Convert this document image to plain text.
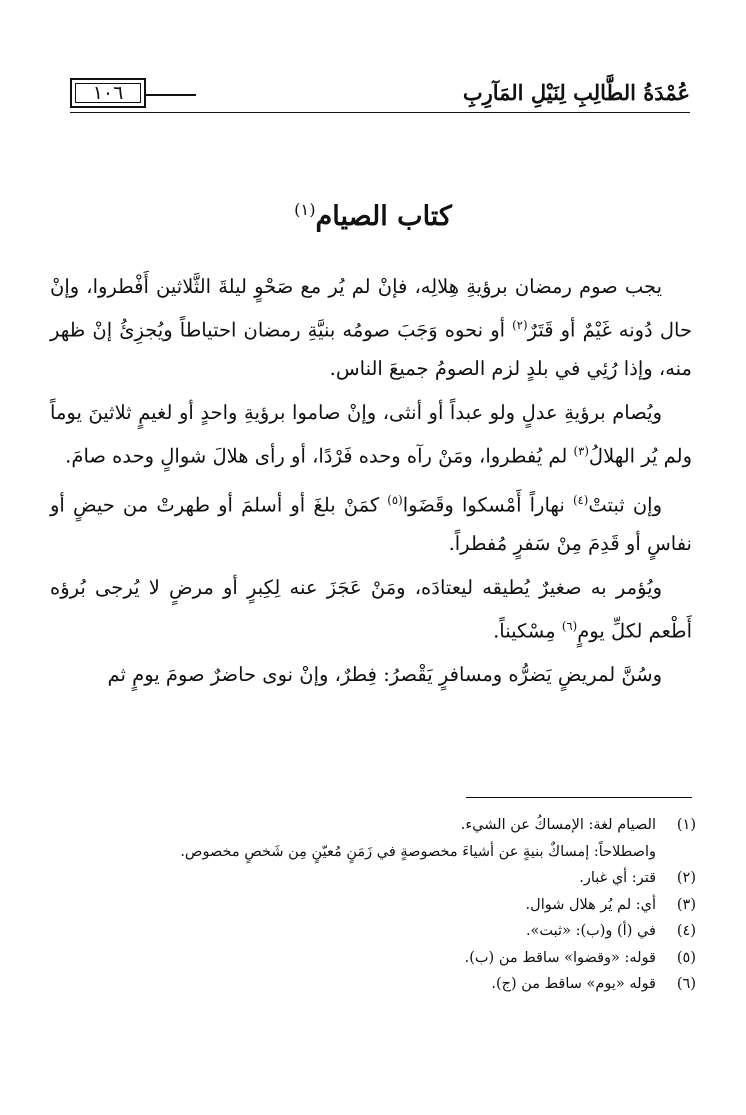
عُمْدَةُ الطَّالِبِ لِنَيْلِ المَآرِبِ
١٠٦
كتاب الصيام$^{(١)}$

يجب صوم رمضان برؤيةِ هِلالِه، فإنْ لم يُر مع صَحْوٍ ليلةَ الثَّلاثين أَفْطروا، وإنْ حال دُونه غَيْمٌ أو قَتَرٌ$^{(٢)}$ أو نحوه وَجَبَ صومُه بنيَّةِ رمضان احتياطاً ويُجزِئُ إنْ ظهر منه، وإذا رُئِي في بلدٍ لزم الصومُ جميعَ الناس.

ويُصام برؤيةِ عدلٍ ولو عبداً أو أنثى، وإنْ صاموا برؤيةِ واحدٍ أو لغيمٍ ثلاثينَ يوماً ولم يُر الهلالُ$^{(٣)}$ لم يُفطروا، ومَنْ رآه وحده فَرْدًا، أو رأى هلالَ شوالٍ وحده صامَ.

وإن ثبتتْ$^{(٤)}$ نهاراً أَمْسكوا وقَضَوا$^{(٥)}$ كمَنْ بلغَ أو أسلمَ أو طهرتْ من حيضٍ أو نفاسٍ أو قَدِمَ مِنْ سَفرٍ مُفطراً.

ويُؤمر به صغيرٌ يُطيقه ليعتادَه، ومَنْ عَجَزَ عنه لِكِبرٍ أو مرضٍ لا يُرجى بُرؤه أَطْعم لكلِّ يومٍ$^{(٦)}$ مِسْكيناً.

وسُنَّ لمريضٍ يَضرُّه ومسافرٍ يَقْصرُ: فِطرٌ، وإنْ نوى حاضرٌ صومَ يومٍ ثم

(١)
الصيام لغة: الإمساكُ عن الشيء.
واصطلاحاً: إمساكٌ بنيةٍ عن أشياءَ مخصوصةٍ في زَمَنٍ مُعيّنٍ مِن شَخصٍ مخصوص.
(٢)
قتر: أي غبار.
(٣)
أي: لم يُر هلال شوال.
(٤)
في (أ) و(ب): «ثبت».
(٥)
قوله: «وقضوا» ساقط من (ب).
(٦)
قوله «يوم» ساقط من (ج).
